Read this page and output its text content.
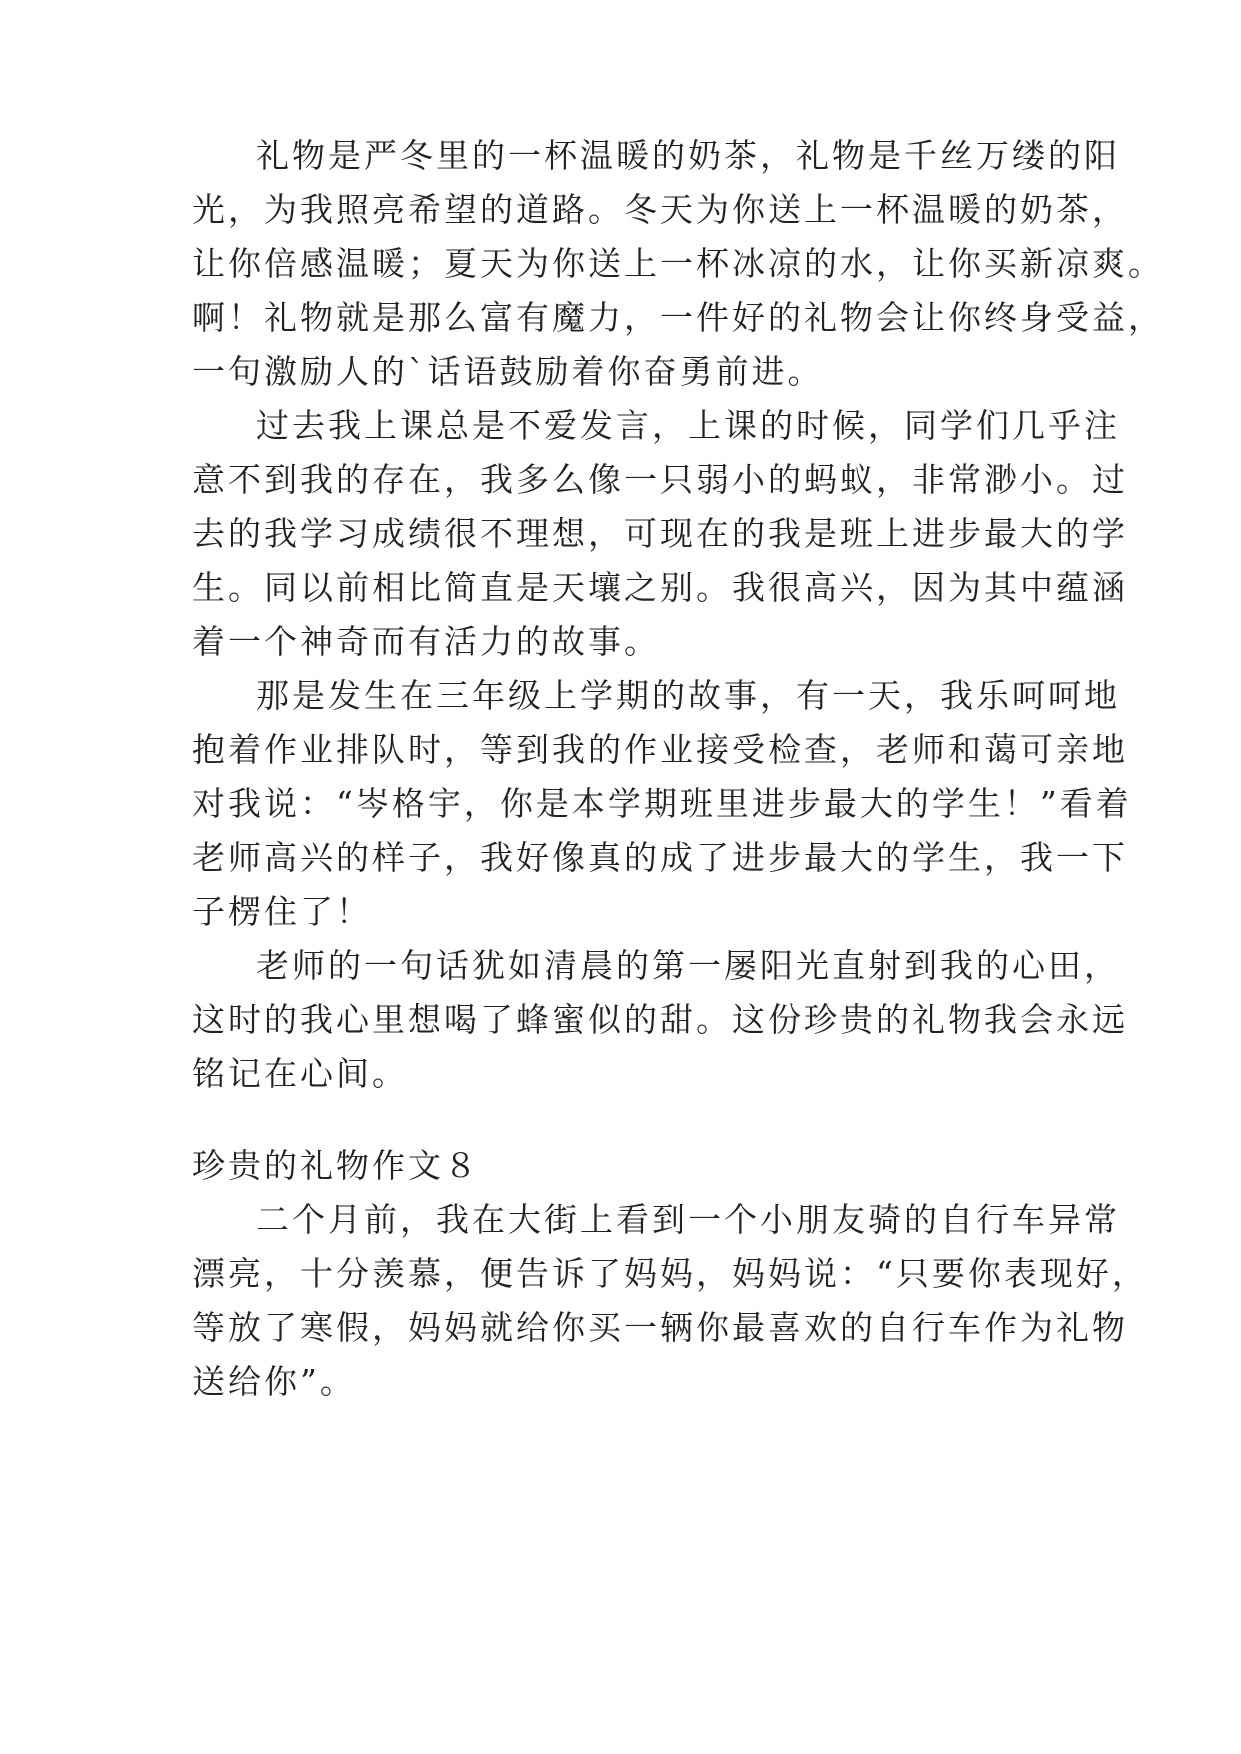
礼物是严冬里的一杯温暖的奶茶，礼物是千丝万缕的阳
光，为我照亮希望的道路。冬天为你送上一杯温暖的奶茶，
让你倍感温暖；夏天为你送上一杯冰凉的水，让你买新凉爽。
啊！礼物就是那么富有魔力，一件好的礼物会让你终身受益，
一句激励人的`话语鼓励着你奋勇前进。
过去我上课总是不爱发言，上课的时候，同学们几乎注
意不到我的存在，我多么像一只弱小的蚂蚁，非常渺小。过
去的我学习成绩很不理想，可现在的我是班上进步最大的学
生。同以前相比简直是天壤之别。我很高兴，因为其中蕴涵
着一个神奇而有活力的故事。
那是发生在三年级上学期的故事，有一天，我乐呵呵地
抱着作业排队时，等到我的作业接受检查，老师和蔼可亲地
对我说：“岑格宇，你是本学期班里进步最大的学生！”看着
老师高兴的样子，我好像真的成了进步最大的学生，我一下
子楞住了！
老师的一句话犹如清晨的第一屡阳光直射到我的心田，
这时的我心里想喝了蜂蜜似的甜。这份珍贵的礼物我会永远
铭记在心间。
珍贵的礼物作文８
二个月前，我在大街上看到一个小朋友骑的自行车异常
漂亮，十分羡慕，便告诉了妈妈，妈妈说：“只要你表现好，
等放了寒假，妈妈就给你买一辆你最喜欢的自行车作为礼物
送给你”。
